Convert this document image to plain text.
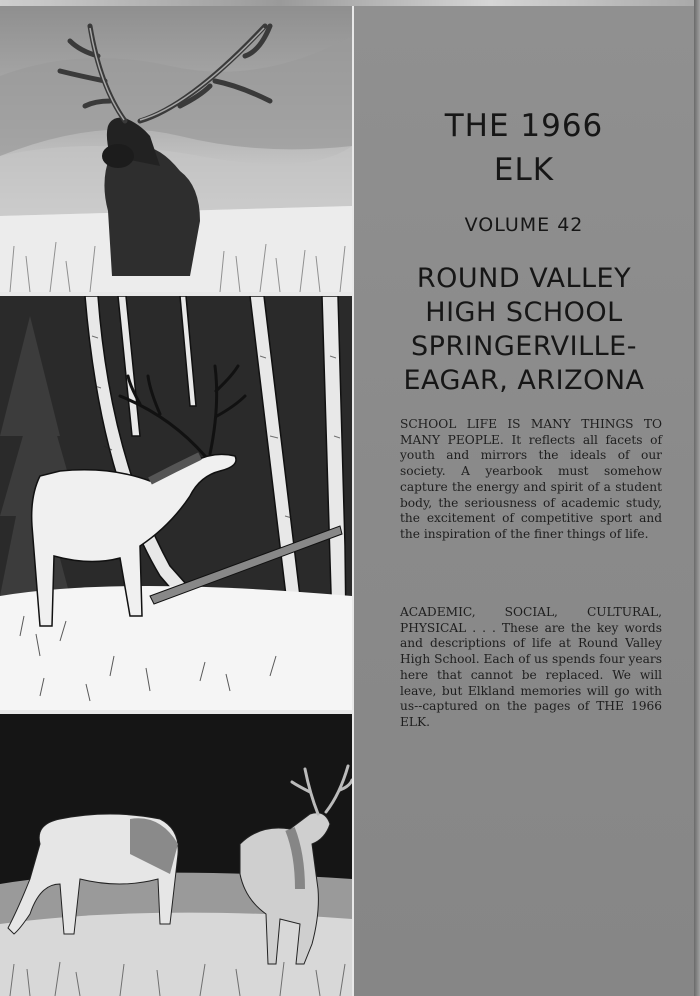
THE 1966
ELK
VOLUME 42
ROUND VALLEY
HIGH SCHOOL
SPRINGERVILLE-
EAGAR, ARIZONA

SCHOOL LIFE IS MANY THINGS TO MANY PEOPLE. It reflects all facets of youth and mirrors the ideals of our society. A yearbook must somehow capture the energy and spirit of a student body, the seriousness of academic study, the excitement of competitive sport and the inspiration of the finer things of life.

ACADEMIC, SOCIAL, CULTURAL, PHYSICAL . . . These are the key words and descriptions of life at Round Valley High School. Each of us spends four years here that cannot be replaced. We will leave, but Elkland memories will go with us--captured on the pages of THE 1966 ELK.
